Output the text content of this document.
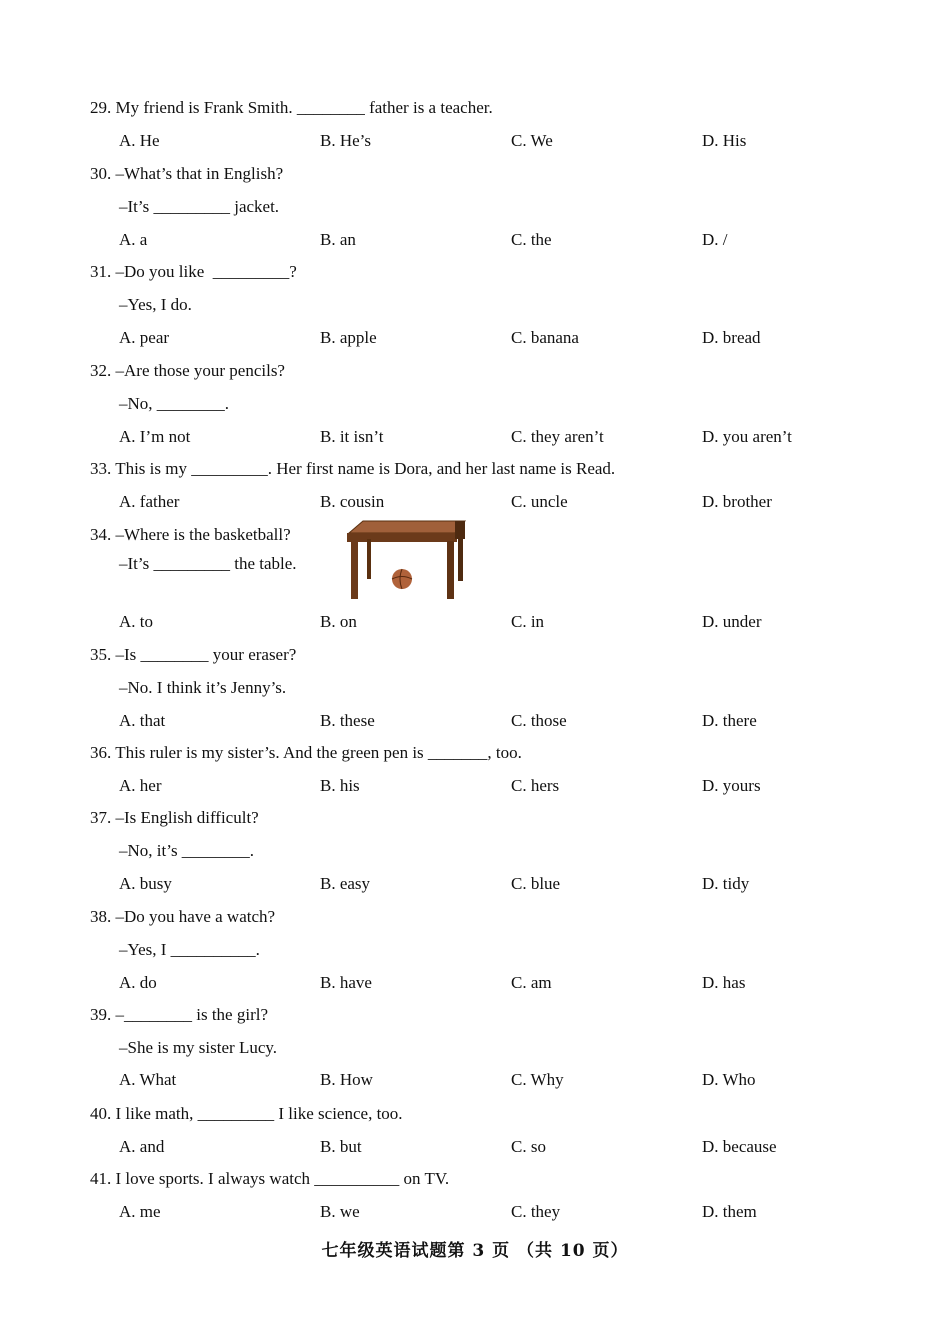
29. My friend is Frank Smith. ________ father is a teacher.
A. He	B. He’s	C. We	D. His
30. –What’s that in English?
–It’s _________ jacket.
A. a	B. an	C. the	D. /
31. –Do you like  _________?
–Yes, I do.
A. pear	B. apple	C. banana	D. bread
32. –Are those your pencils?
–No, ________.
A. I’m not	B. it isn’t	C. they aren’t	D. you aren’t
33. This is my _________. Her first name is Dora, and her last name is Read.
A. father	B. cousin	C. uncle	D. brother
34. –Where is the basketball?
–It’s _________ the table.
A. to	B. on	C. in	D. under
35. –Is ________ your eraser?
–No. I think it’s Jenny’s.
A. that	B. these	C. those	D. there
36. This ruler is my sister’s. And the green pen is _______, too.
A. her	B. his	C. hers	D. yours
37. –Is English difficult?
–No, it’s ________.
A. busy	B. easy	C. blue	D. tidy
38. –Do you have a watch?
–Yes, I __________.
A. do	B. have	C. am	D. has
39. –________ is the girl?
–She is my sister Lucy.
A. What	B. How	C. Why	D. Who
40. I like math, _________ I like science, too.
A. and	B. but	C. so	D. because
41. I love sports. I always watch __________ on TV.
A. me	B. we	C. they	D. them
七年级英语试题第 3 页 （共 10 页）
